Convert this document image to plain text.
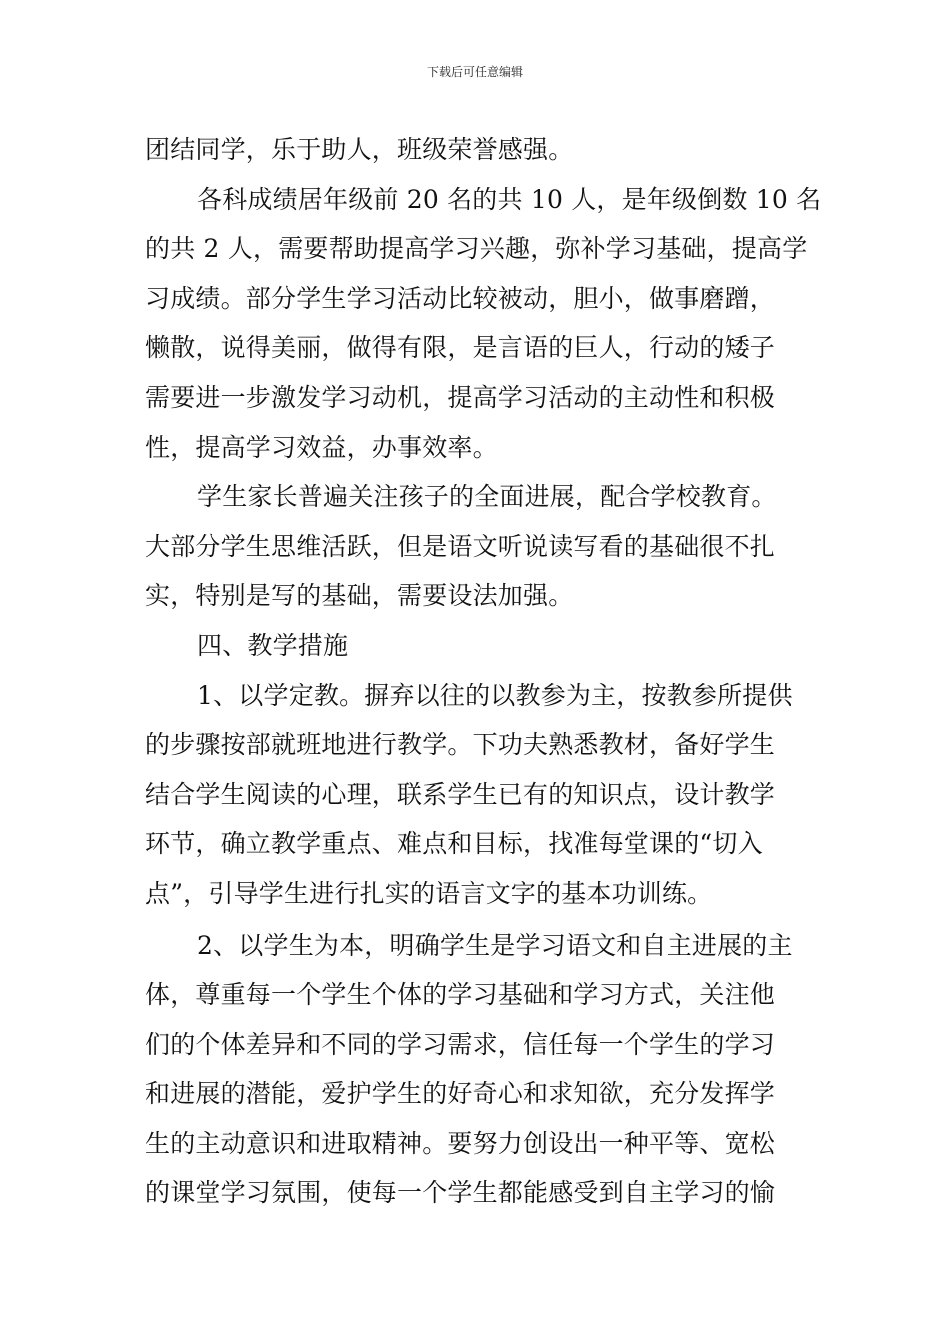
下载后可任意编辑
团结同学，乐于助人，班级荣誉感强。
各科成绩居年级前 20 名的共 10 人，是年级倒数 10 名
的共 2 人，需要帮助提高学习兴趣，弥补学习基础，提高学
习成绩。部分学生学习活动比较被动，胆小，做事磨蹭，
懒散，说得美丽，做得有限，是言语的巨人，行动的矮子
需要进一步激发学习动机，提高学习活动的主动性和积极
性，提高学习效益，办事效率。
学生家长普遍关注孩子的全面进展，配合学校教育。
大部分学生思维活跃，但是语文听说读写看的基础很不扎
实，特别是写的基础，需要设法加强。
四、教学措施
1、以学定教。摒弃以往的以教参为主，按教参所提供
的步骤按部就班地进行教学。下功夫熟悉教材，备好学生
结合学生阅读的心理，联系学生已有的知识点，设计教学
环节，确立教学重点、难点和目标，找准每堂课的“切入
点”，引导学生进行扎实的语言文字的基本功训练。
2、以学生为本，明确学生是学习语文和自主进展的主
体，尊重每一个学生个体的学习基础和学习方式，关注他
们的个体差异和不同的学习需求，信任每一个学生的学习
和进展的潜能，爱护学生的好奇心和求知欲，充分发挥学
生的主动意识和进取精神。要努力创设出一种平等、宽松
的课堂学习氛围，使每一个学生都能感受到自主学习的愉
